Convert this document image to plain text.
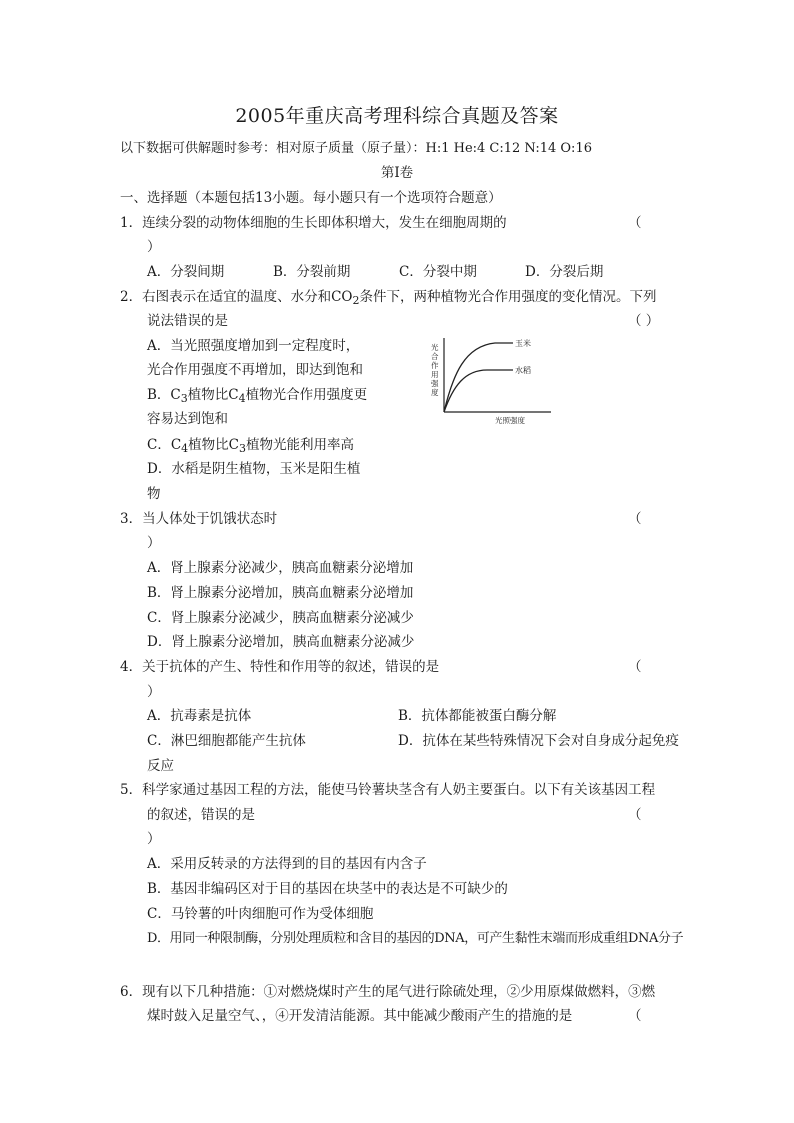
2005年重庆高考理科综合真题及答案
以下数据可供解题时参考：相对原子质量（原子量）：H:1 He:4 C:12 N:14 O:16
第Ⅰ卷
一、选择题（本题包括13小题。每小题只有一个选项符合题意）
1．连续分裂的动物体细胞的生长即体积增大，发生在细胞周期的	（
）
A．分裂间期	B．分裂前期	C．分裂中期	D．分裂后期
2．右图表示在适宜的温度、水分和$CO_2$条件下，两种植物光合作用强度的变化情况。下列
说法错误的是	（ ）
A．当光照强度增加到一定程度时，
光合作用强度不再增加，即达到饱和
B．$C_3$植物比$C_4$植物光合作用强度更
容易达到饱和
C．$C_4$植物比$C_3$植物光能利用率高
D．水稻是阴生植物，玉米是阳生植
物
玉米
水稻
光照强度
光
合
作
用
强
度
3．当人体处于饥饿状态时	（
）
A．肾上腺素分泌减少，胰高血糖素分泌增加
B．肾上腺素分泌增加，胰高血糖素分泌增加
C．肾上腺素分泌减少，胰高血糖素分泌减少
D．肾上腺素分泌增加，胰高血糖素分泌减少
4．关于抗体的产生、特性和作用等的叙述，错误的是	（
）
A．抗毒素是抗体	B．抗体都能被蛋白酶分解
C．淋巴细胞都能产生抗体	D．抗体在某些特殊情况下会对自身成分起免疫
反应
5．科学家通过基因工程的方法，能使马铃薯块茎含有人奶主要蛋白。以下有关该基因工程
的叙述，错误的是	（
）
A．采用反转录的方法得到的目的基因有内含子
B．基因非编码区对于目的基因在块茎中的表达是不可缺少的
C．马铃薯的叶肉细胞可作为受体细胞
D．用同一种限制酶，分别处理质粒和含目的基因的DNA，可产生黏性末端而形成重组DNA分子
6．现有以下几种措施：①对燃烧煤时产生的尾气进行除硫处理，②少用原煤做燃料，③燃
煤时鼓入足量空气、，④开发清洁能源。其中能减少酸雨产生的措施的是	（
